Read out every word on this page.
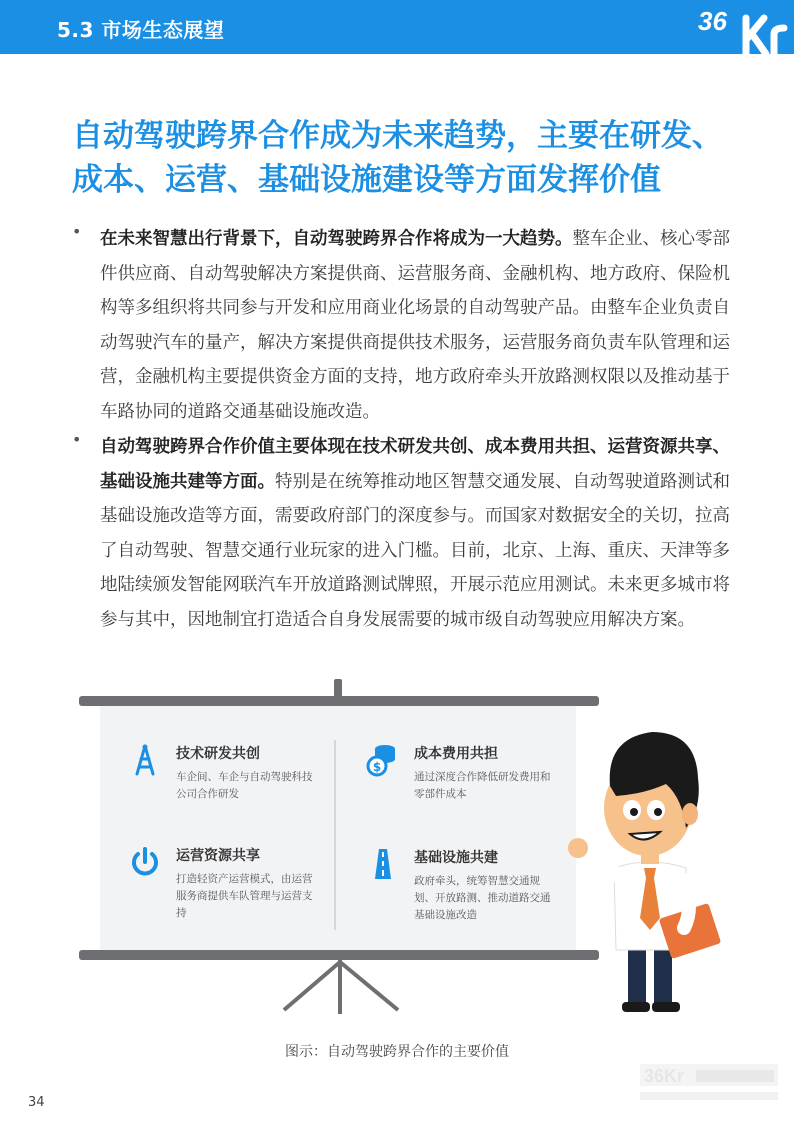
5.3 市场生态展望	36
自动驾驶跨界合作成为未来趋势，主要在研发、
成本、运营、基础设施建设等方面发挥价值
•	在未来智慧出行背景下，自动驾驶跨界合作将成为一大趋势。整车企业、核心零部件供应商、自动驾驶解决方案提供商、运营服务商、金融机构、地方政府、保险机构等多组织将共同参与开发和应用商业化场景的自动驾驶产品。由整车企业负责自动驾驶汽车的量产，解决方案提供商提供技术服务，运营服务商负责车队管理和运营，金融机构主要提供资金方面的支持，地方政府牵头开放路测权限以及推动基于车路协同的道路交通基础设施改造。
•	自动驾驶跨界合作价值主要体现在技术研发共创、成本费用共担、运营资源共享、基础设施共建等方面。特别是在统筹推动地区智慧交通发展、自动驾驶道路测试和基础设施改造等方面，需要政府部门的深度参与。而国家对数据安全的关切，拉高了自动驾驶、智慧交通行业玩家的进入门槛。目前，北京、上海、重庆、天津等多地陆续颁发智能网联汽车开放道路测试牌照，开展示范应用测试。未来更多城市将参与其中，因地制宜打造适合自身发展需要的城市级自动驾驶应用解决方案。
技术研发共创
车企间、车企与自动驾驶科技公司合作研发
$
成本费用共担
通过深度合作降低研发费用和零部件成本
运营资源共享
打造轻资产运营模式，由运营服务商提供车队管理与运营支持
基础设施共建
政府牵头，统筹智慧交通规划、开放路测、推动道路交通基础设施改造
图示：自动驾驶跨界合作的主要价值
36Kr
34
